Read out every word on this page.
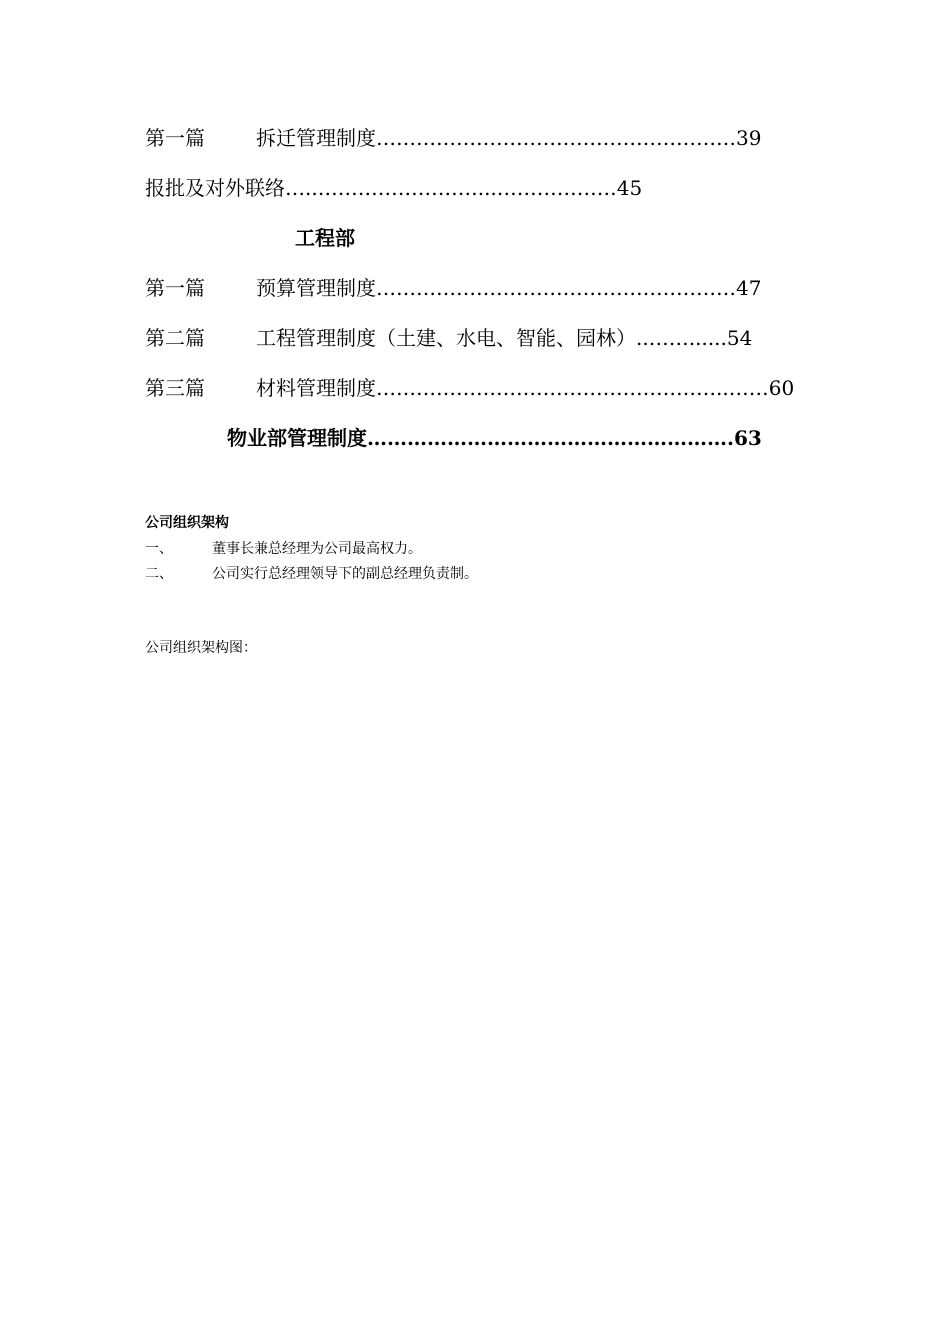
第一篇	拆迁管理制度………………………………………………39
报批及对外联络…..……………………...………………45
工程部
第一篇	预算管理制度………………………………………………47
第二篇	工程管理制度（土建、水电、智能、园林）..……......54
第三篇	材料管理制度……………………………………………..……60
物业部管理制度……………………………………………….63
公司组织架构
一、	董事长兼总经理为公司最高权力。
二、	公司实行总经理领导下的副总经理负责制。
公司组织架构图：
